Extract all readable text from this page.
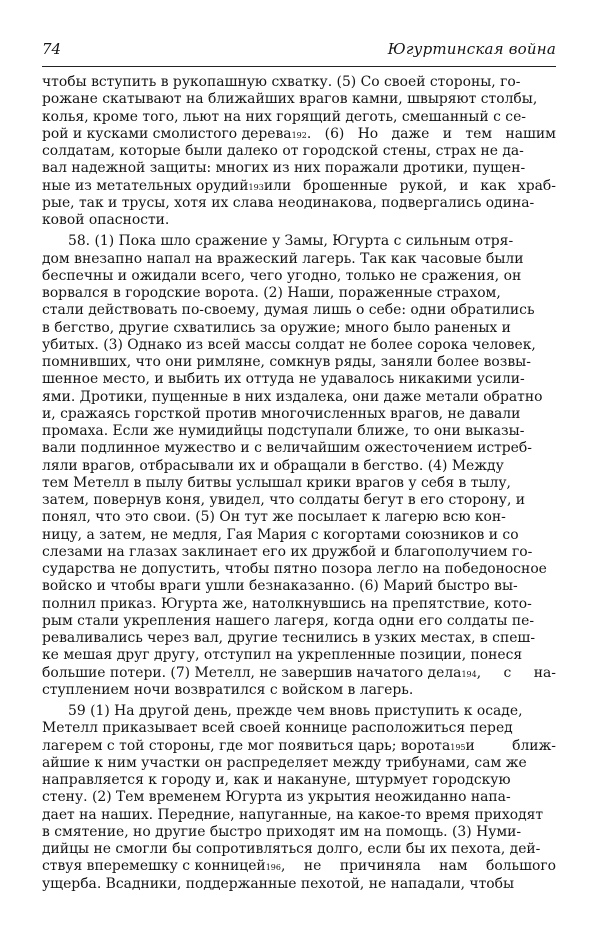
74	Югуртинская война
чтобы вступить в рукопашную схватку. (5) Со своей стороны, го-
рожане скатывают на ближайших врагов камни, швыряют столбы,
колья, кроме того, льют на них горящий деготь, смешанный с се-
рой и кусками смолистого дерева 192 . (6) Но даже и тем нашим
солдатам, которые были далеко от городской стены, страх не да-
вал надежной защиты: многих из них поражали дротики, пущен-
ные из метательных орудий 193 или брошенные рукой, и как храб-
рые, так и трусы, хотя их слава неодинакова, подвергались одина-
ковой опасности.
58. (1) Пока шло сражение у Замы, Югурта с сильным отря-
дом внезапно напал на вражеский лагерь. Так как часовые были
беспечны и ожидали всего, чего угодно, только не сражения, он
ворвался в городские ворота. (2) Наши, пораженные страхом,
стали действовать по-своему, думая лишь о себе: одни обратились
в бегство, другие схватились за оружие; много было раненых и
убитых. (3) Однако из всей массы солдат не более сорока человек,
помнивших, что они римляне, сомкнув ряды, заняли более возвы-
шенное место, и выбить их оттуда не удавалось никакими усили-
ями. Дротики, пущенные в них издалека, они даже метали обратно
и, сражаясь горсткой против многочисленных врагов, не давали
промаха. Если же нумидийцы подступали ближе, то они выказы-
вали подлинное мужество и с величайшим ожесточением истреб-
ляли врагов, отбрасывали их и обращали в бегство. (4) Между
тем Метелл в пылу битвы услышал крики врагов у себя в тылу,
затем, повернув коня, увидел, что солдаты бегут в его сторону, и
понял, что это свои. (5) Он тут же посылает к лагерю всю кон-
ницу, а затем, не медля, Гая Мария с когортами союзников и со
слезами на глазах заклинает его их дружбой и благополучием го-
сударства не допустить, чтобы пятно позора легло на победоносное
войско и чтобы враги ушли безнаказанно. (6) Марий быстро вы-
полнил приказ. Югурта же, натолкнувшись на препятствие, кото-
рым стали укрепления нашего лагеря, когда одни его солдаты пе-
реваливались через вал, другие теснились в узких местах, в спеш-
ке мешая друг другу, отступил на укрепленные позиции, понеся
большие потери. (7) Метелл, не завершив начатого дела 194 , с на-
ступлением ночи возвратился с войском в лагерь.
59 (1) На другой день, прежде чем вновь приступить к осаде,
Метелл приказывает всей своей коннице расположиться перед
лагерем с той стороны, где мог появиться царь; ворота 195 и ближ-
айшие к ним участки он распределяет между трибунами, сам же
направляется к городу и, как и накануне, штурмует городскую
стену. (2) Тем временем Югурта из укрытия неожиданно напа-
дает на наших. Передние, напуганные, на какое-то время приходят
в смятение, но другие быстро приходят им на помощь. (3) Нуми-
дийцы не смогли бы сопротивляться долго, если бы их пехота, дей-
ствуя вперемешку с конницей 196 , не причиняла нам большого
ущерба. Всадники, поддержанные пехотой, не нападали, чтобы
